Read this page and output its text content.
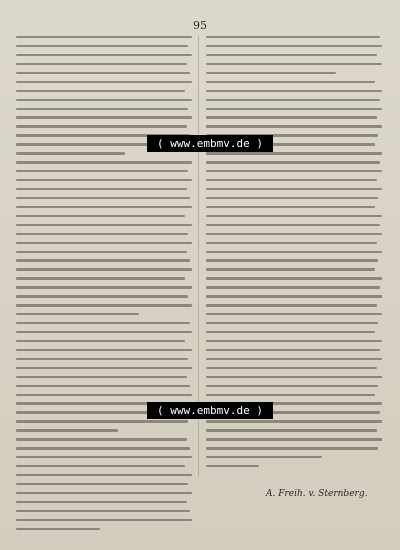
95
( www.embmv.de )
( www.embmv.de )
A. Freih. v. Sternberg.
